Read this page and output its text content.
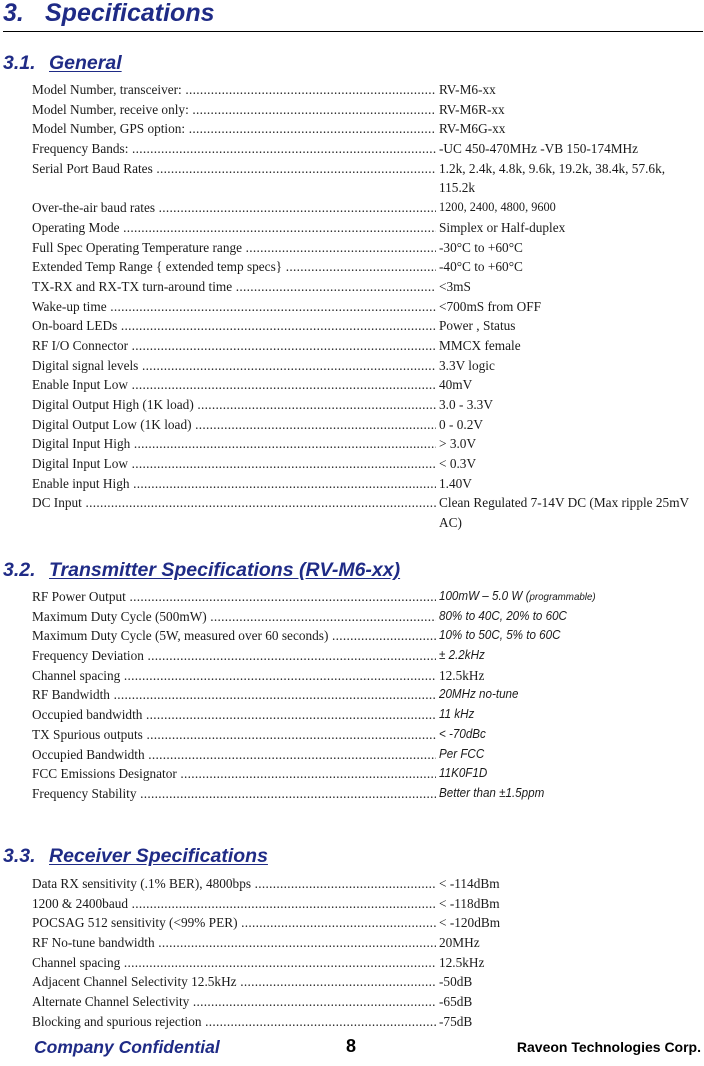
3. Specifications
3.1. General
Model Number, transceiver: .....	RV-M6-xx
Model Number, receive only: .....	RV-M6R-xx
Model Number, GPS option: .....	RV-M6G-xx
Frequency Bands: .....	-UC 450-470MHz -VB 150-174MHz
Serial Port Baud Rates .....	1.2k, 2.4k, 4.8k, 9.6k, 19.2k, 38.4k, 57.6k, 115.2k
Over-the-air baud rates .....	1200, 2400, 4800, 9600
Operating Mode .....	Simplex or Half-duplex
Full Spec Operating Temperature range .....	-30°C to +60°C
Extended Temp Range { extended temp specs} .....	-40°C to +60°C
TX-RX and RX-TX turn-around time .....	<3mS
Wake-up time .....	<700mS from OFF
On-board LEDs .....	Power , Status
RF I/O Connector .....	MMCX female
Digital signal levels .....	3.3V logic
Enable Input Low .....	40mV
Digital Output High (1K load) .....	3.0 - 3.3V
Digital Output Low (1K load) .....	0 - 0.2V
Digital Input High .....	> 3.0V
Digital Input Low .....	< 0.3V
Enable input High .....	1.40V
DC Input .....	Clean Regulated 7-14V DC (Max ripple 25mV AC)
3.2. Transmitter Specifications (RV-M6-xx)
RF Power Output .....	100mW – 5.0 W (programmable)
Maximum Duty Cycle (500mW) .....	80% to 40C, 20% to 60C
Maximum Duty Cycle (5W, measured over 60 seconds) .....	10% to 50C, 5% to 60C
Frequency Deviation .....	± 2.2kHz
Channel spacing .....	12.5kHz
RF Bandwidth .....	20MHz no-tune
Occupied bandwidth .....	11 kHz
TX Spurious outputs .....	< -70dBc
Occupied Bandwidth .....	Per FCC
FCC Emissions Designator .....	11K0F1D
Frequency Stability .....	Better than ±1.5ppm
3.3. Receiver Specifications
Data RX sensitivity (.1% BER), 4800bps .....	< -114dBm
1200 & 2400baud .....	< -118dBm
POCSAG 512 sensitivity (<99% PER) .....	< -120dBm
RF No-tune bandwidth .....	20MHz
Channel spacing .....	12.5kHz
Adjacent Channel Selectivity 12.5kHz .....	-50dB
Alternate Channel Selectivity .....	-65dB
Blocking and spurious rejection .....	-75dB
Company Confidential	8	Raveon Technologies Corp.
